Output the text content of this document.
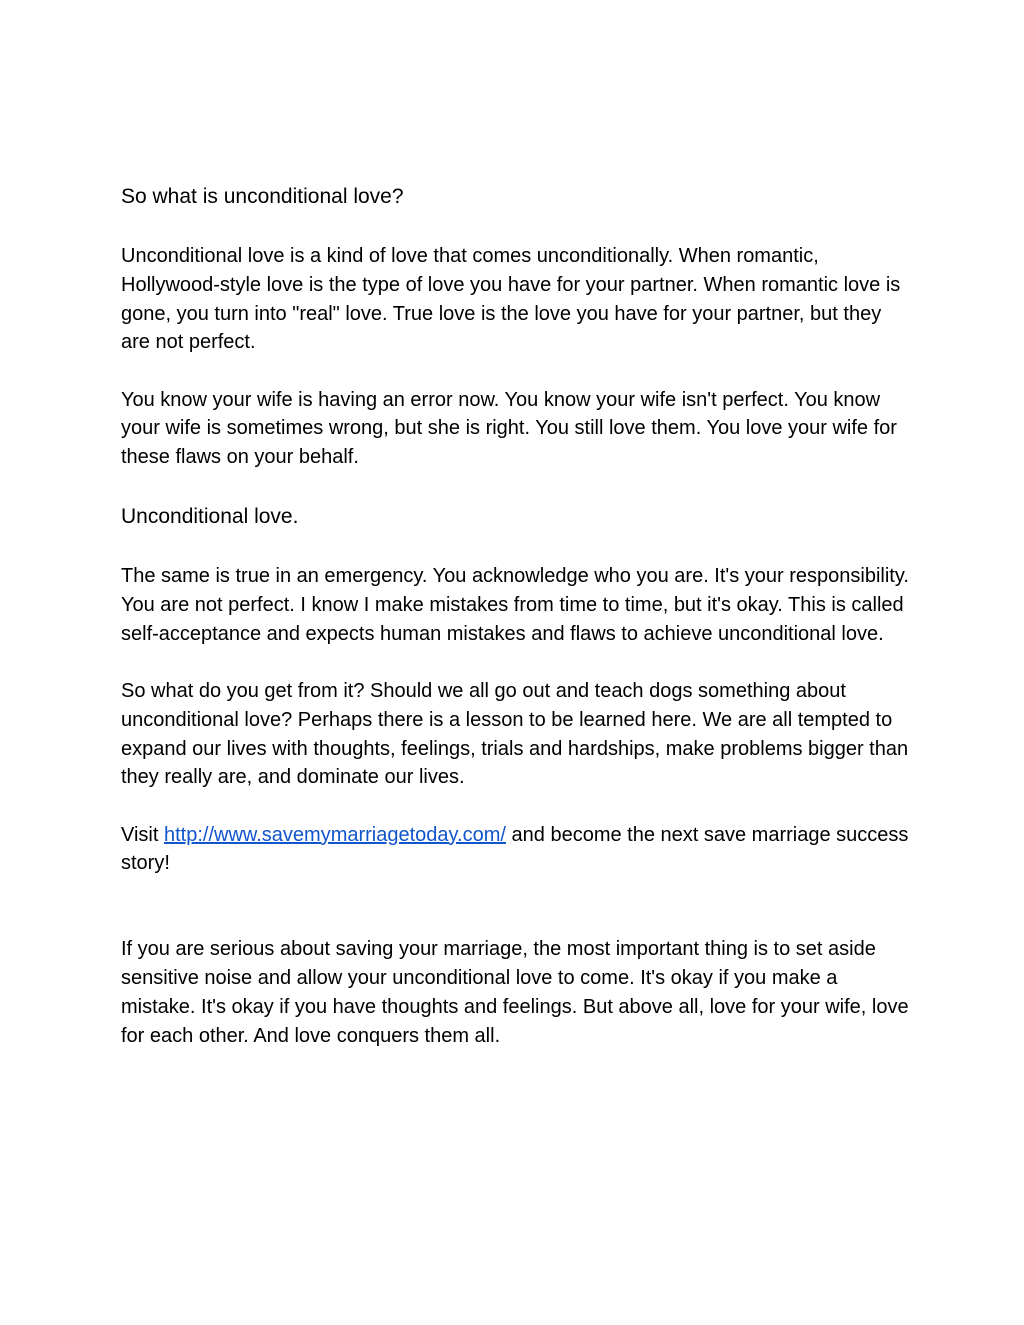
So what is unconditional love?

Unconditional love is a kind of love that comes unconditionally. When romantic, Hollywood-style love is the type of love you have for your partner. When romantic love is gone, you turn into "real" love. True love is the love you have for your partner, but they are not perfect.

You know your wife is having an error now. You know your wife isn't perfect. You know your wife is sometimes wrong, but she is right. You still love them. You love your wife for these flaws on your behalf.

Unconditional love.

The same is true in an emergency. You acknowledge who you are. It's your responsibility. You are not perfect. I know I make mistakes from time to time, but it's okay. This is called self-acceptance and expects human mistakes and flaws to achieve unconditional love.

So what do you get from it? Should we all go out and teach dogs something about unconditional love? Perhaps there is a lesson to be learned here. We are all tempted to expand our lives with thoughts, feelings, trials and hardships, make problems bigger than they really are, and dominate our lives.

Visit http://www.savemymarriagetoday.com/ and become the next save marriage success story!

If you are serious about saving your marriage, the most important thing is to set aside sensitive noise and allow your unconditional love to come. It's okay if you make a mistake. It's okay if you have thoughts and feelings. But above all, love for your wife, love for each other. And love conquers them all.
